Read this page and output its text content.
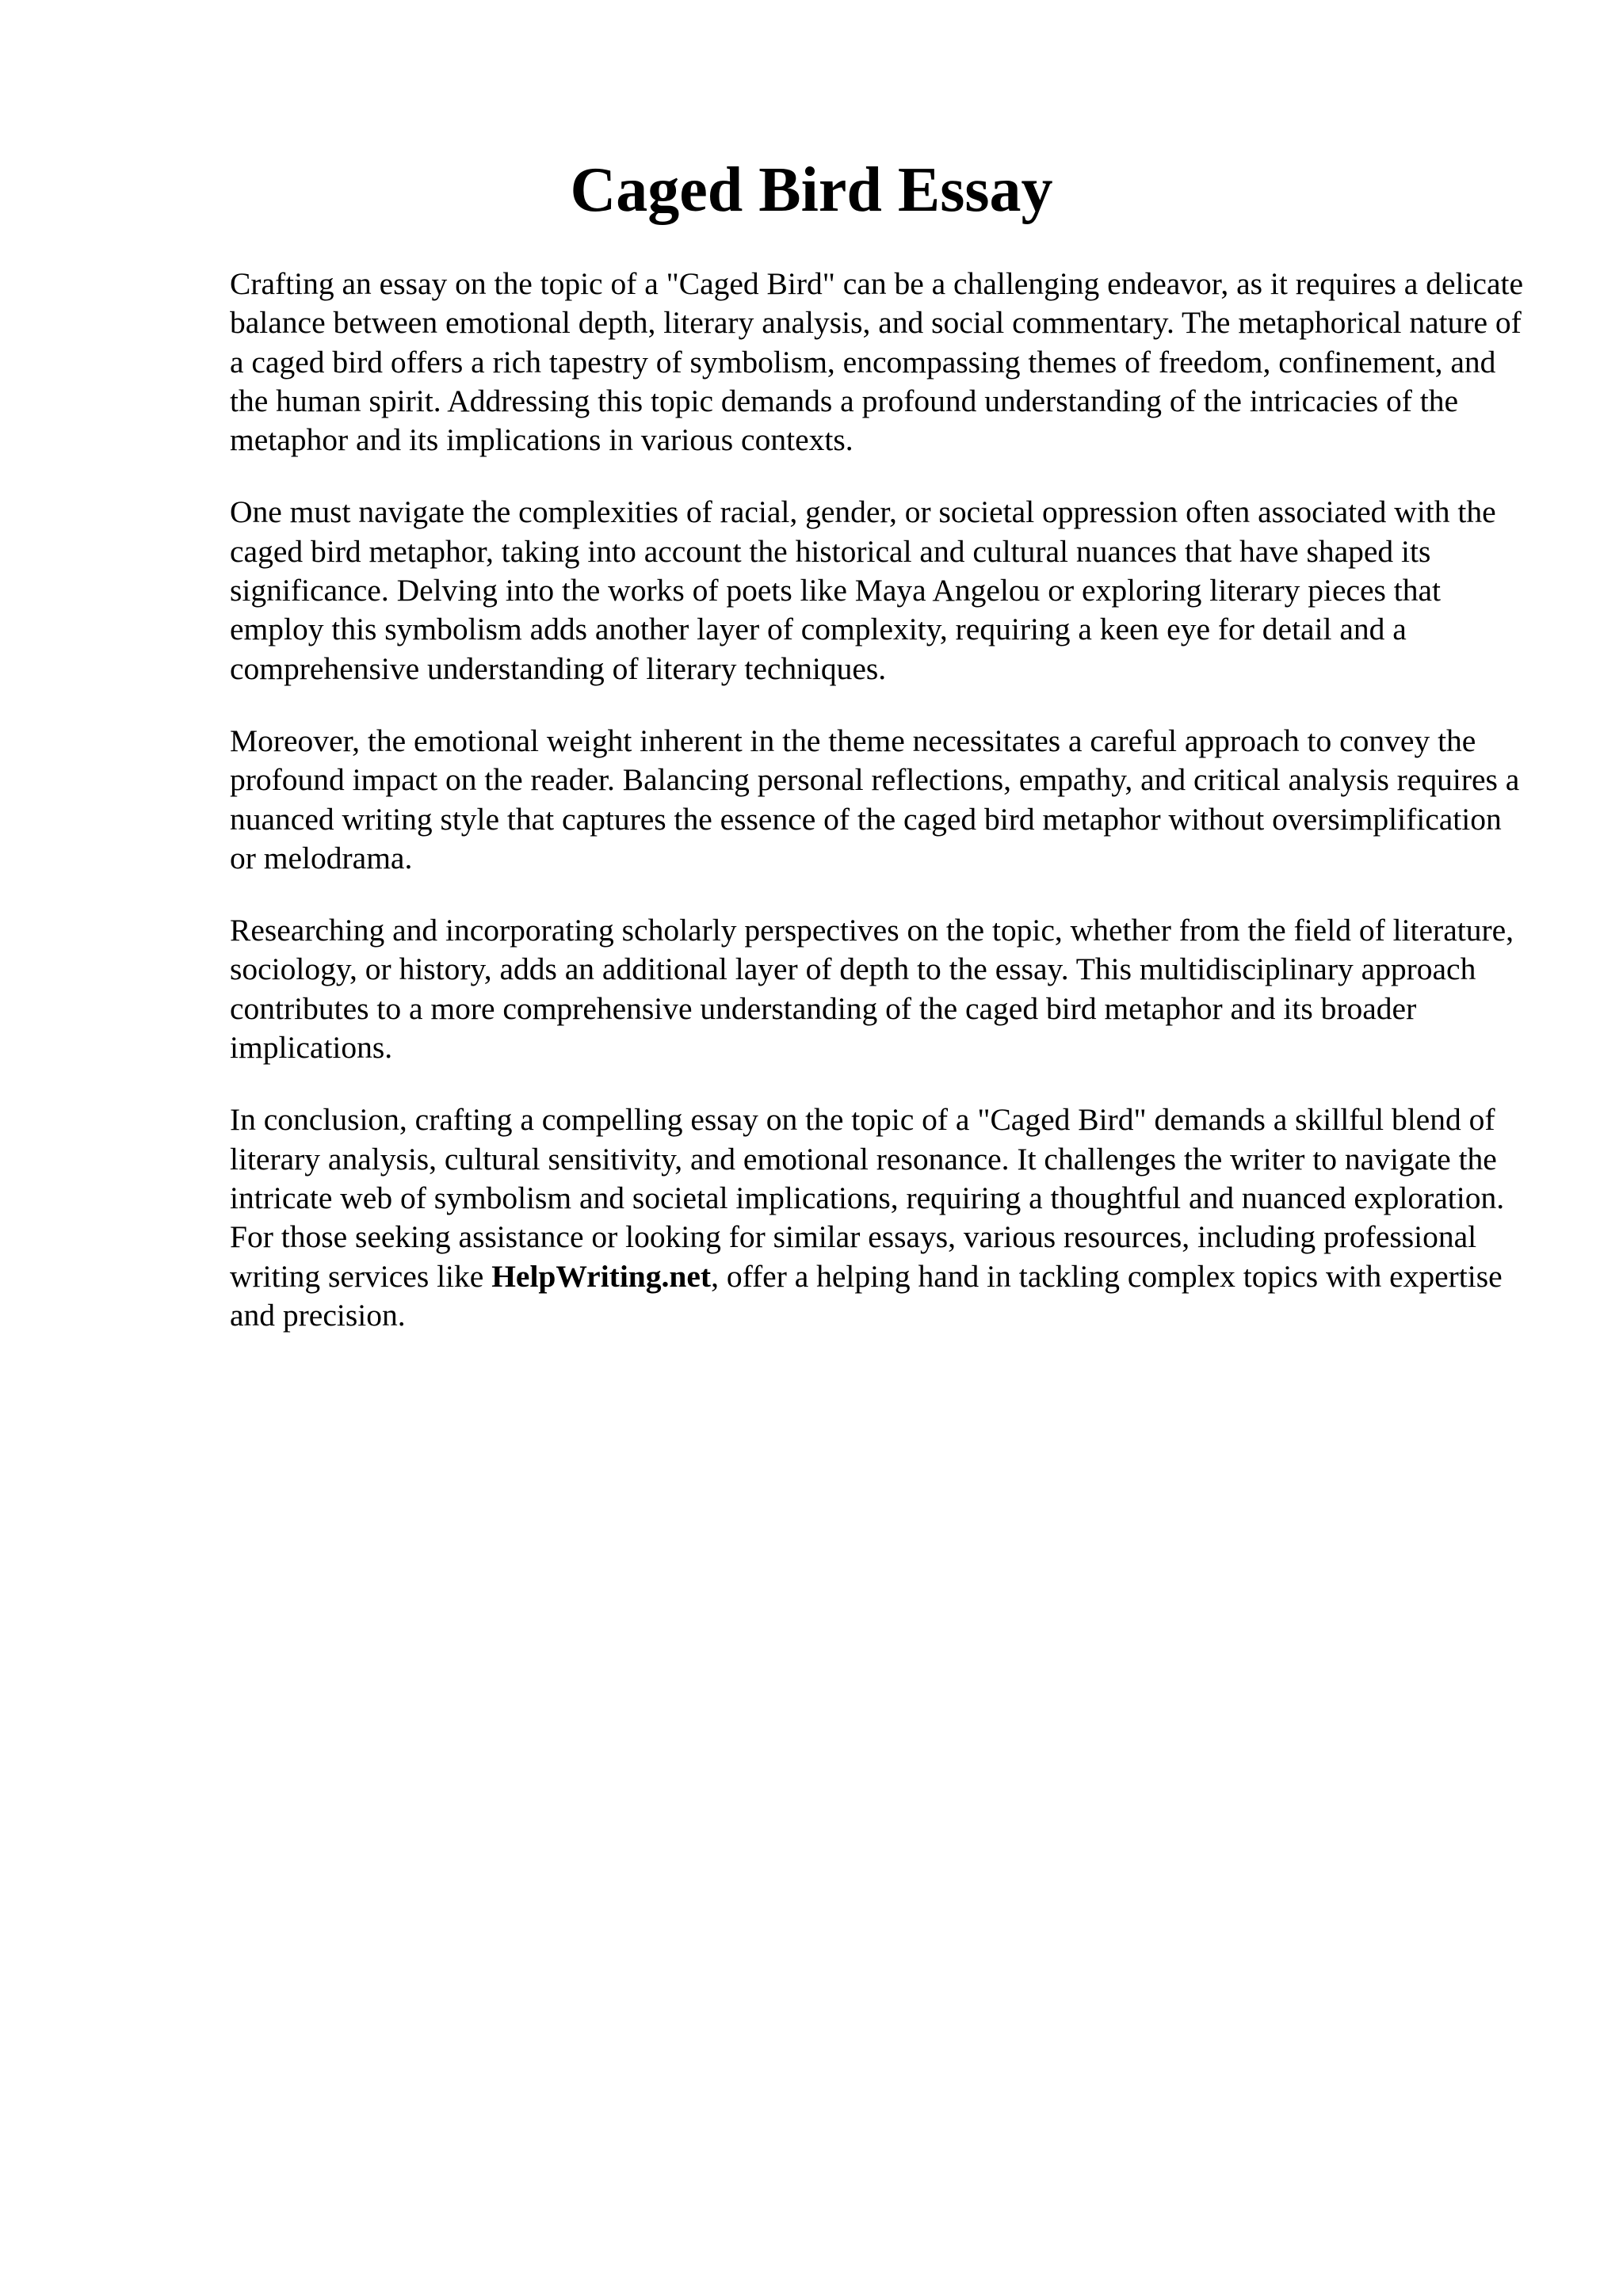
Caged Bird Essay

Crafting an essay on the topic of a "Caged Bird" can be a challenging endeavor, as it requires a delicate balance between emotional depth, literary analysis, and social commentary. The metaphorical nature of a caged bird offers a rich tapestry of symbolism, encompassing themes of freedom, confinement, and the human spirit. Addressing this topic demands a profound understanding of the intricacies of the metaphor and its implications in various contexts.

One must navigate the complexities of racial, gender, or societal oppression often associated with the caged bird metaphor, taking into account the historical and cultural nuances that have shaped its significance. Delving into the works of poets like Maya Angelou or exploring literary pieces that employ this symbolism adds another layer of complexity, requiring a keen eye for detail and a comprehensive understanding of literary techniques.

Moreover, the emotional weight inherent in the theme necessitates a careful approach to convey the profound impact on the reader. Balancing personal reflections, empathy, and critical analysis requires a nuanced writing style that captures the essence of the caged bird metaphor without oversimplification or melodrama.

Researching and incorporating scholarly perspectives on the topic, whether from the field of literature, sociology, or history, adds an additional layer of depth to the essay. This multidisciplinary approach contributes to a more comprehensive understanding of the caged bird metaphor and its broader implications.

In conclusion, crafting a compelling essay on the topic of a "Caged Bird" demands a skillful blend of literary analysis, cultural sensitivity, and emotional resonance. It challenges the writer to navigate the intricate web of symbolism and societal implications, requiring a thoughtful and nuanced exploration. For those seeking assistance or looking for similar essays, various resources, including professional writing services like HelpWriting.net, offer a helping hand in tackling complex topics with expertise and precision.
